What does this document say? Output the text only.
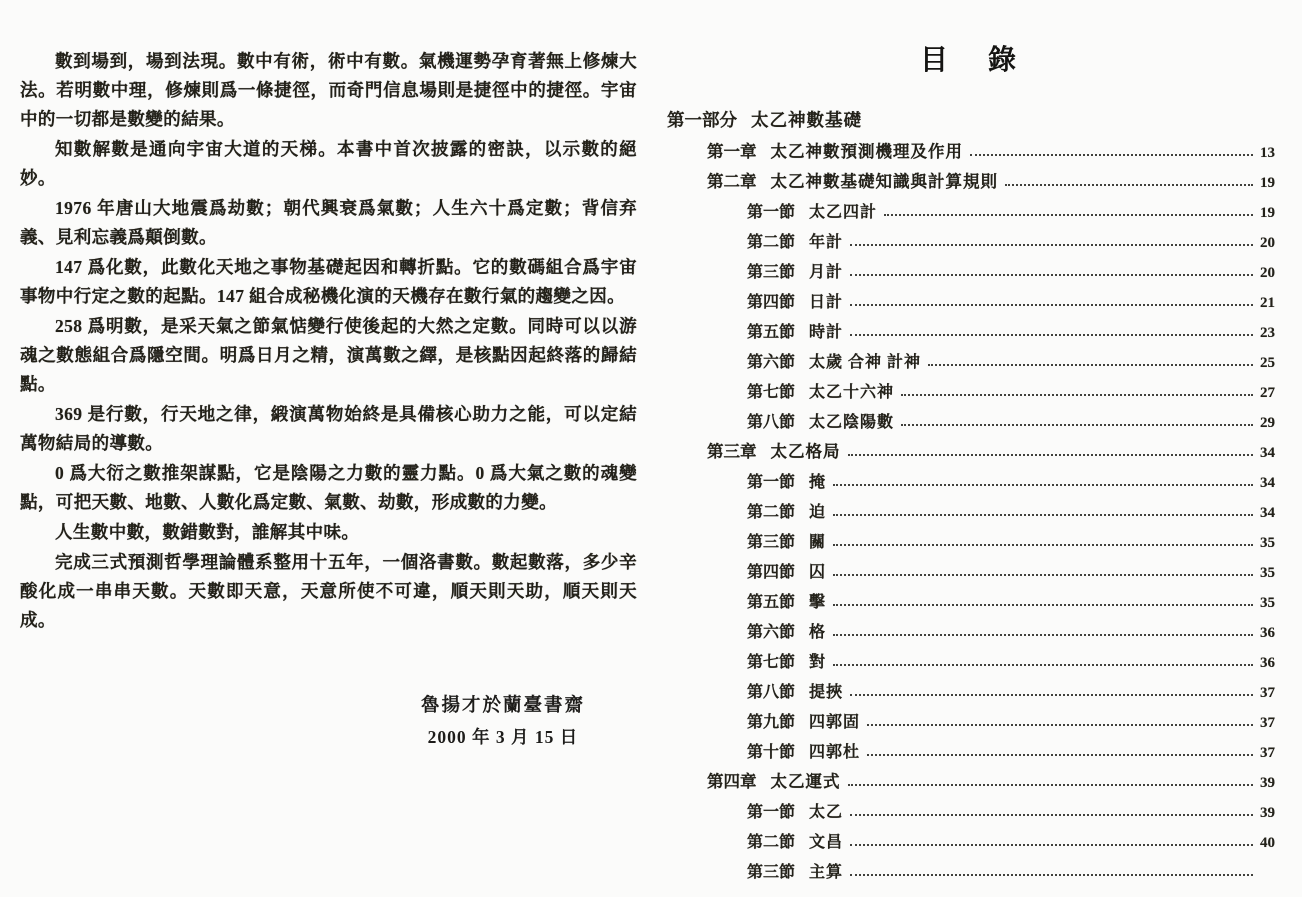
數到場到，場到法現。數中有術，術中有數。氣機運勢孕育著無上修煉大法。若明數中理，修煉則爲一條捷徑，而奇門信息場則是捷徑中的捷徑。宇宙中的一切都是數變的結果。

知數解數是通向宇宙大道的天梯。本書中首次披露的密訣，以示數的絕妙。

1976 年唐山大地震爲劫數；朝代興衰爲氣數；人生六十爲定數；背信弃義、見利忘義爲顛倒數。

147 爲化數，此數化天地之事物基礎起因和轉折點。它的數碼組合爲宇宙事物中行定之數的起點。147 組合成秘機化演的天機存在數行氣的趨變之因。

258 爲明數，是采天氣之節氣惦變行使後起的大然之定數。同時可以以游魂之數態組合爲隱空間。明爲日月之精，演萬數之繹，是核點因起終落的歸結點。

369 是行數，行天地之律，緞演萬物始終是具備核心助力之能，可以定結萬物結局的導數。

0 爲大衍之數推架謀點，它是陰陽之力數的靈力點。0 爲大氣之數的魂變點，可把天數、地數、人數化爲定數、氣數、劫數，形成數的力變。

人生數中數，數錯數對，誰解其中味。

完成三式預測哲學理論體系整用十五年，一個洛書數。數起數落，多少辛酸化成一串串天數。天數即天意，天意所使不可違，順天則天助，順天則天成。

魯揚才於蘭臺書齋
2000 年 3 月 15 日
目　錄
第一部分 太乙神數基礎
第一章 太乙神數預測機理及作用	13
第二章 太乙神數基礎知識與計算規則	19
第一節 太乙四計	19
第二節 年計	20
第三節 月計	20
第四節 日計	21
第五節 時計	23
第六節 太歲 合神 計神	25
第七節 太乙十六神	27
第八節 太乙陰陽數	29
第三章 太乙格局	34
第一節 掩	34
第二節 迫	34
第三節 關	35
第四節 囚	35
第五節 擊	35
第六節 格	36
第七節 對	36
第八節 提挾	37
第九節 四郭固	37
第十節 四郭杜	37
第四章 太乙運式	39
第一節 太乙	39
第二節 文昌	40
第三節 主算
